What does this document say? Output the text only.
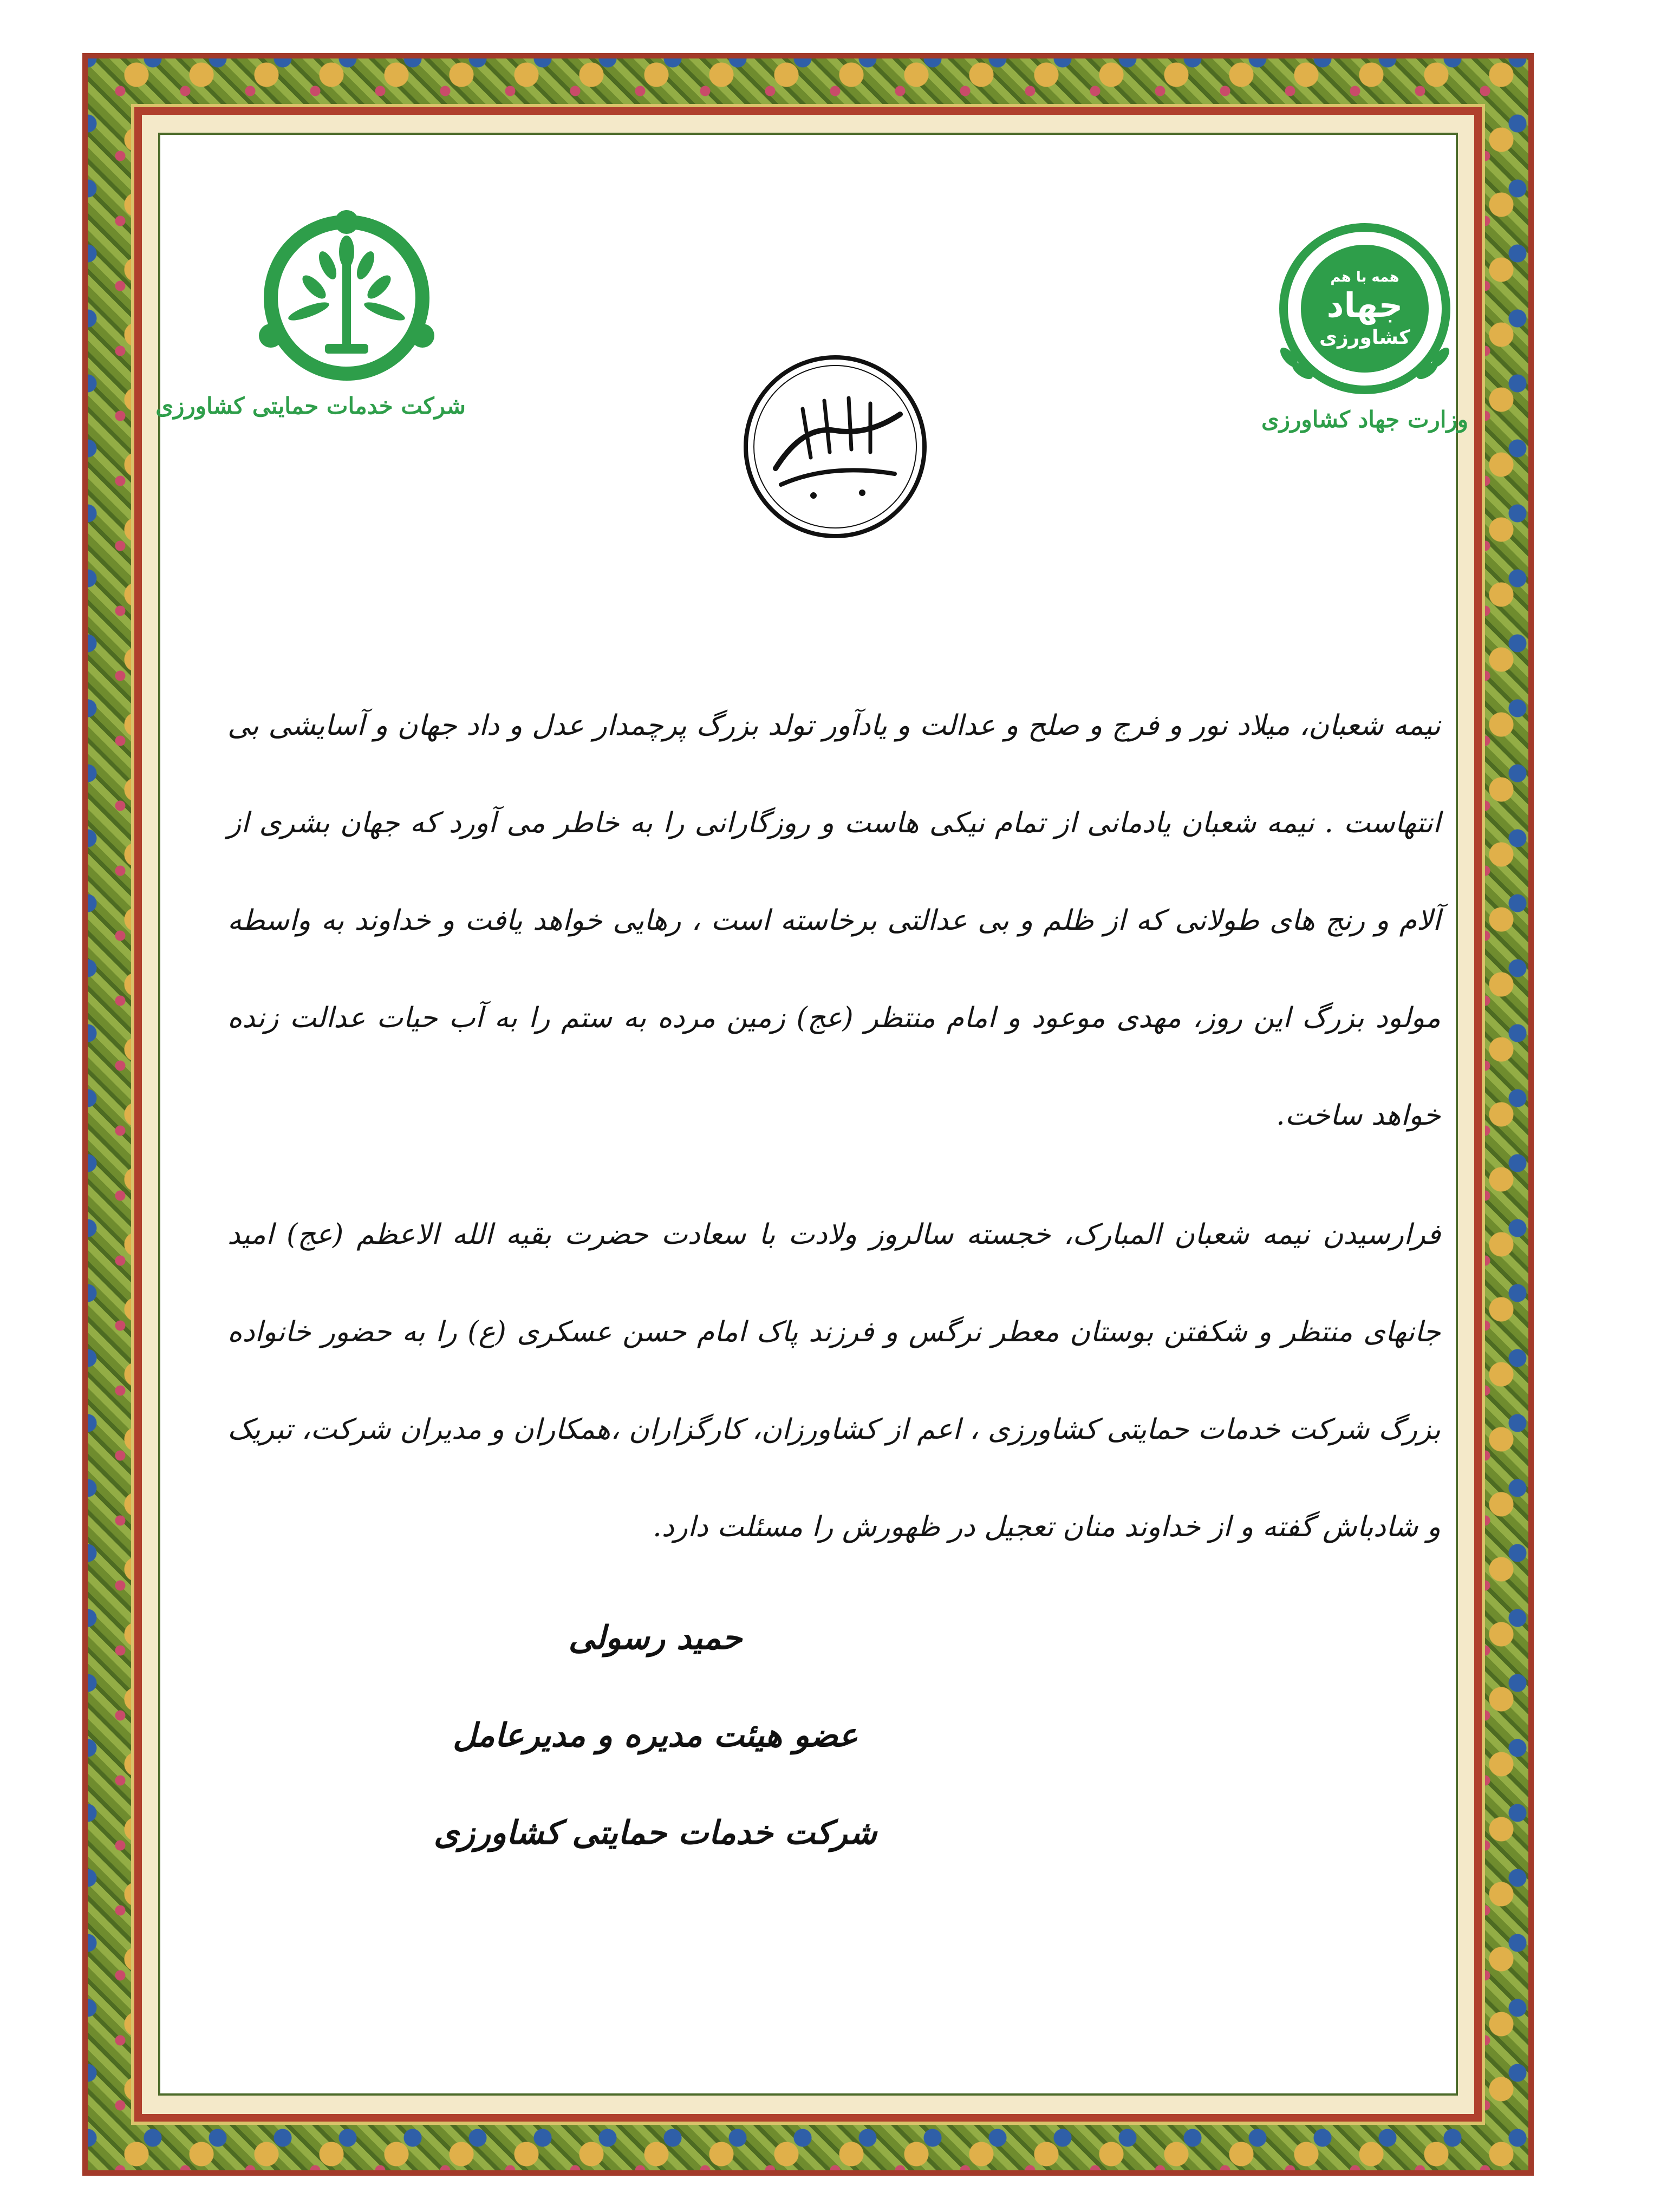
شرکت خدمات حمایتی کشاورزی
همه با هم
جهاد
کشاورزی
وزارت جهاد کشاورزی

نیمه شعبان، میلاد نور و فرج و صلح و عدالت و یادآور تولد بزرگ پرچمدار عدل و داد جهان و آسایشی بی انتهاست . نیمه شعبان یادمانی از تمام نیکی هاست و روزگارانی را به خاطر می آورد که جهان بشری از آلام و رنج های طولانی که از ظلم و بی عدالتی برخاسته است ، رهایی خواهد یافت و خداوند به واسطه مولود بزرگ این روز، مهدی موعود و امام منتظر (عج) زمین مرده به ستم را به آب حیات عدالت زنده خواهد ساخت.

فرارسیدن نیمه شعبان المبارک، خجسته سالروز ولادت با سعادت حضرت بقیه الله الاعظم (عج) امید جانهای منتظر و شکفتن بوستان معطر نرگس و فرزند پاک امام حسن عسکری (ع) را به حضور خانواده بزرگ شرکت خدمات حمایتی کشاورزی ، اعم از کشاورزان، کارگزاران ،همکاران و مدیران شرکت، تبریک و شادباش گفته و از خداوند منان تعجیل در ظهورش را مسئلت دارد.

حمید رسولی
عضو هیئت مدیره و مدیرعامل
شرکت خدمات حمایتی کشاورزی
